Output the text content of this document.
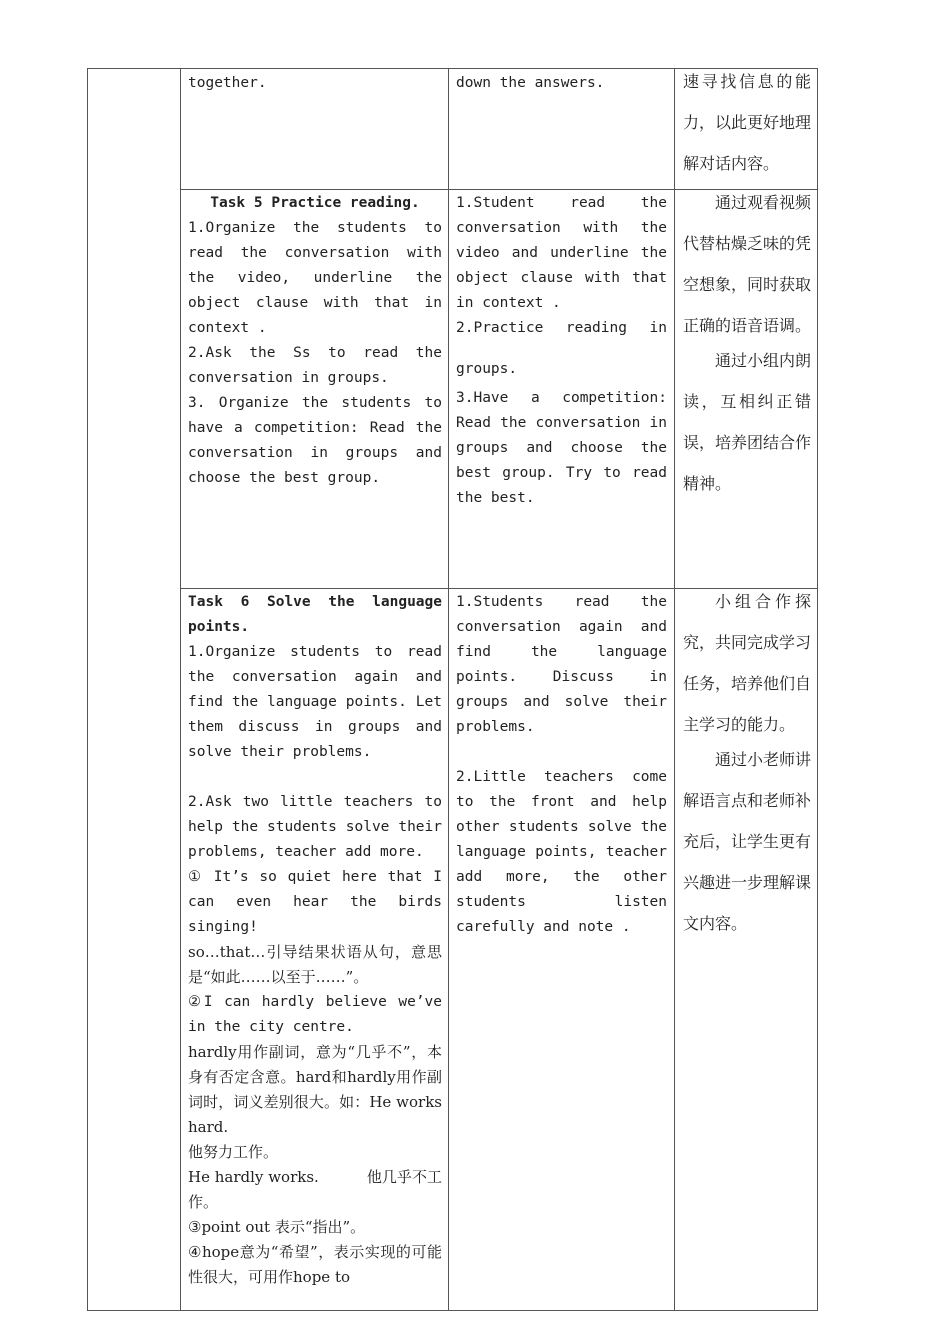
together.	down the answers.	速寻找信息的能力，以此更好地理解对话内容。

Task 5 Practice reading.

1.Organize the students to read the conversation with the video, underline the object clause with that in context .

2.Ask the Ss to read the conversation in groups.

3. Organize the students to have a competition: Read the conversation in groups and choose the best group.

1.Student read the conversation with the video and underline the object clause with that in context .

2.Practice reading in groups.

3.Have a competition: Read the conversation in groups and choose the best group. Try to read the best.

通过观看视频代替枯燥乏味的凭空想象，同时获取正确的语音语调。

通过小组内朗读，互相纠正错误，培养团结合作精神。

Task 6 Solve the language points.

1.Organize students to read the conversation again and find the language points. Let them discuss in groups and solve their problems.

2.Ask two little teachers to help the students solve their problems, teacher add more.

① It’s so quiet here that I can even hear the birds singing!

so…that…引导结果状语从句，意思是“如此……以至于……”。

②I can hardly believe we’ve in the city centre.

hardly用作副词，意为“几乎不”，本身有否定含意。hard和hardly用作副词时，词义差别很大。如：He works hard.

他努力工作。

He hardly works.          他几乎不工作。

③point out 表示“指出”。

④hope意为“希望”，表示实现的可能性很大，可用作hope to

1.Students read the conversation again and find the language points. Discuss in groups and solve their problems.

2.Little teachers come to the front and help other students solve the language points, teacher add more, the other students listen carefully and note .

小组合作探究，共同完成学习任务，培养他们自主学习的能力。

通过小老师讲解语言点和老师补充后，让学生更有兴趣进一步理解课文内容。
